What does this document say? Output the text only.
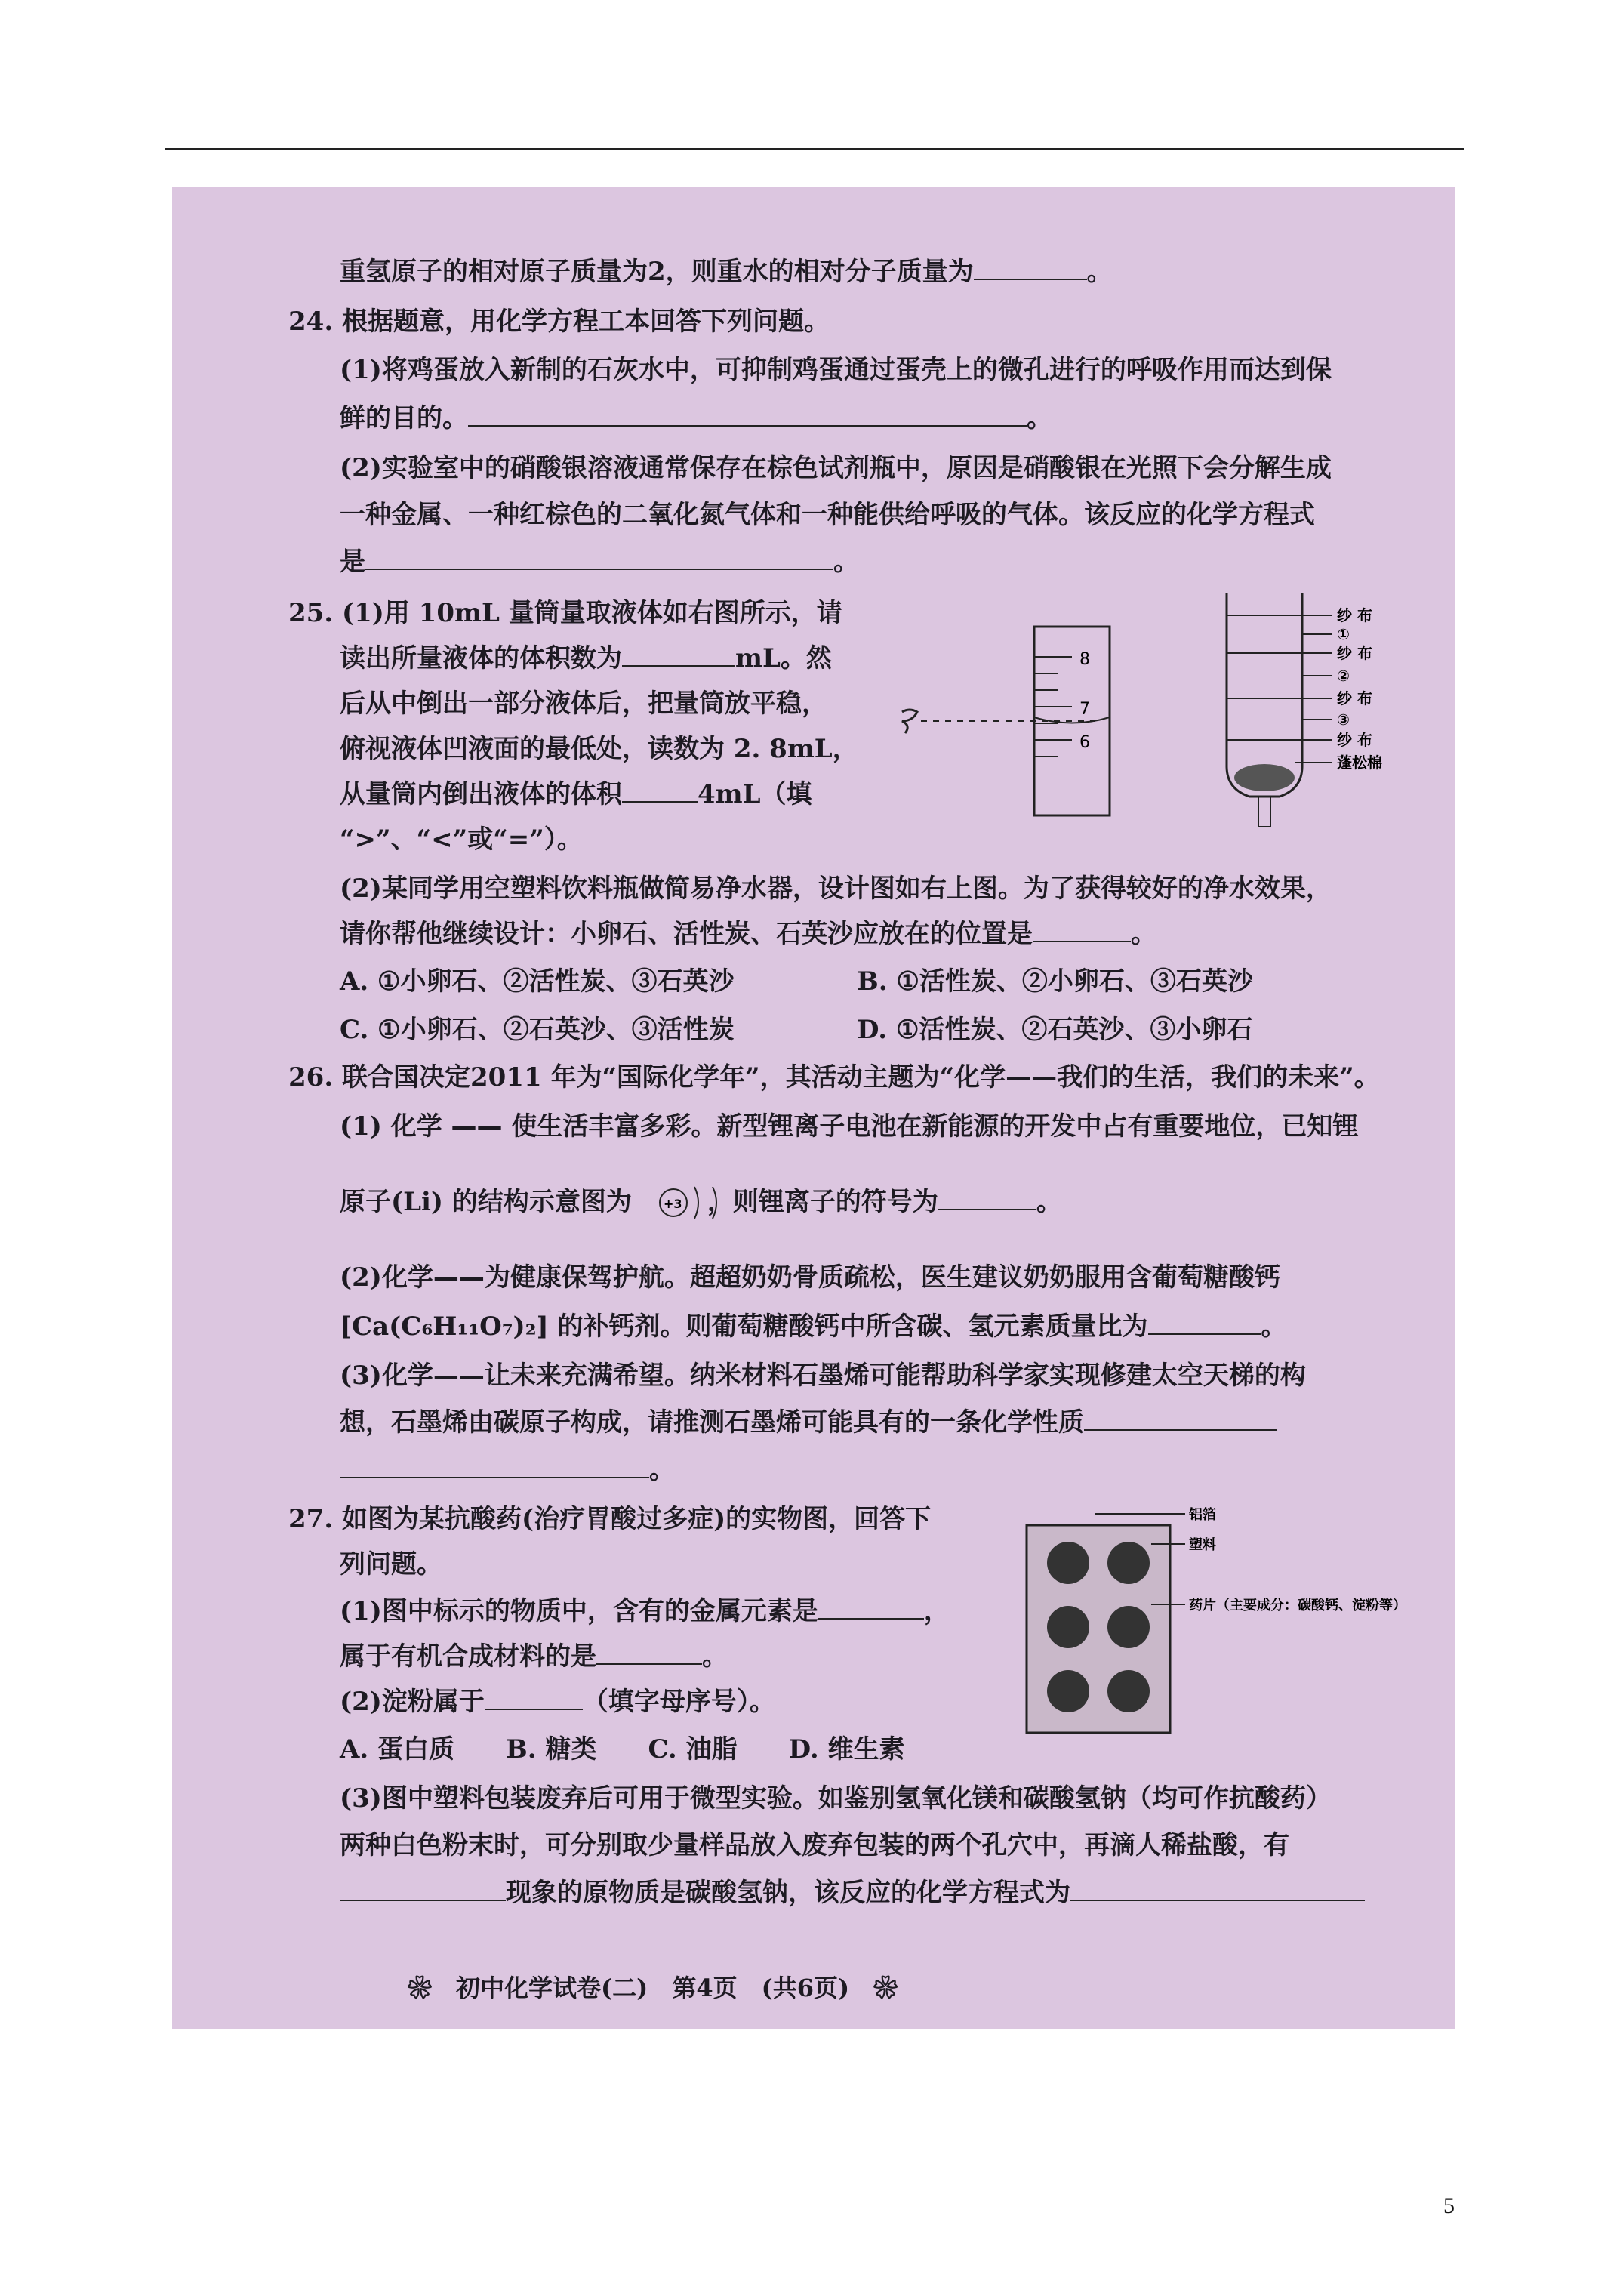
重氢原子的相对原子质量为2，则重水的相对分子质量为	。
24. 根据题意，用化学方程工本回答下列问题。
(1)将鸡蛋放入新制的石灰水中，可抑制鸡蛋通过蛋壳上的微孔进行的呼吸作用而达到保
鲜的目的。	。
(2)实验室中的硝酸银溶液通常保存在棕色试剂瓶中，原因是硝酸银在光照下会分解生成
一种金属、一种红棕色的二氧化氮气体和一种能供给呼吸的气体。该反应的化学方程式
是	。
25. (1)用 10mL 量筒量取液体如右图所示，请
读出所量液体的体积数为	mL。然
后从中倒出一部分液体后，把量筒放平稳，
俯视液体凹液面的最低处，读数为 2. 8mL，
从量筒内倒出液体的体积	4mL（填
“>”、“<”或“=”）。
(2)某同学用空塑料饮料瓶做简易净水器，设计图如右上图。为了获得较好的净水效果，
请你帮他继续设计：小卵石、活性炭、石英沙应放在的位置是	。
A. ①小卵石、②活性炭、③石英沙	B. ①活性炭、②小卵石、③石英沙
C. ①小卵石、②石英沙、③活性炭	D. ①活性炭、②石英沙、③小卵石
26. 联合国决定2011 年为“国际化学年”，其活动主题为“化学——我们的生活，我们的未来”。
(1) 化学 —— 使生活丰富多彩。新型锂离子电池在新能源的开发中占有重要地位，已知锂
原子(Li) 的结构示意图为	，则锂离子的符号为	。
(2)化学——为健康保驾护航。超超奶奶骨质疏松，医生建议奶奶服用含葡萄糖酸钙
[Ca(C₆H₁₁O₇)₂] 的补钙剂。则葡萄糖酸钙中所含碳、氢元素质量比为	。
(3)化学——让未来充满希望。纳米材料石墨烯可能帮助科学家实现修建太空天梯的构
想，石墨烯由碳原子构成，请推测石墨烯可能具有的一条化学性质
。
27. 如图为某抗酸药(治疗胃酸过多症)的实物图，回答下
列问题。
(1)图中标示的物质中，含有的金属元素是	，
属于有机合成材料的是	。
(2)淀粉属于	（填字母序号）。
A. 蛋白质　　B. 糖类　　C. 油脂　　D. 维生素
(3)图中塑料包装废弃后可用于微型实验。如鉴别氢氧化镁和碳酸氢钠（均可作抗酸药）
两种白色粉末时，可分别取少量样品放入废弃包装的两个孔穴中，再滴人稀盐酸，有
现象的原物质是碳酸氢钠，该反应的化学方程式为
❀　 初中化学试卷(二)　第4页　(共6页)　 ❀
5
8
7
6
纱 布
①
纱 布
②
纱 布
③
纱 布
蓬松棉
+3
铝箔
塑料
药片（主要成分：碳酸钙、淀粉等）
